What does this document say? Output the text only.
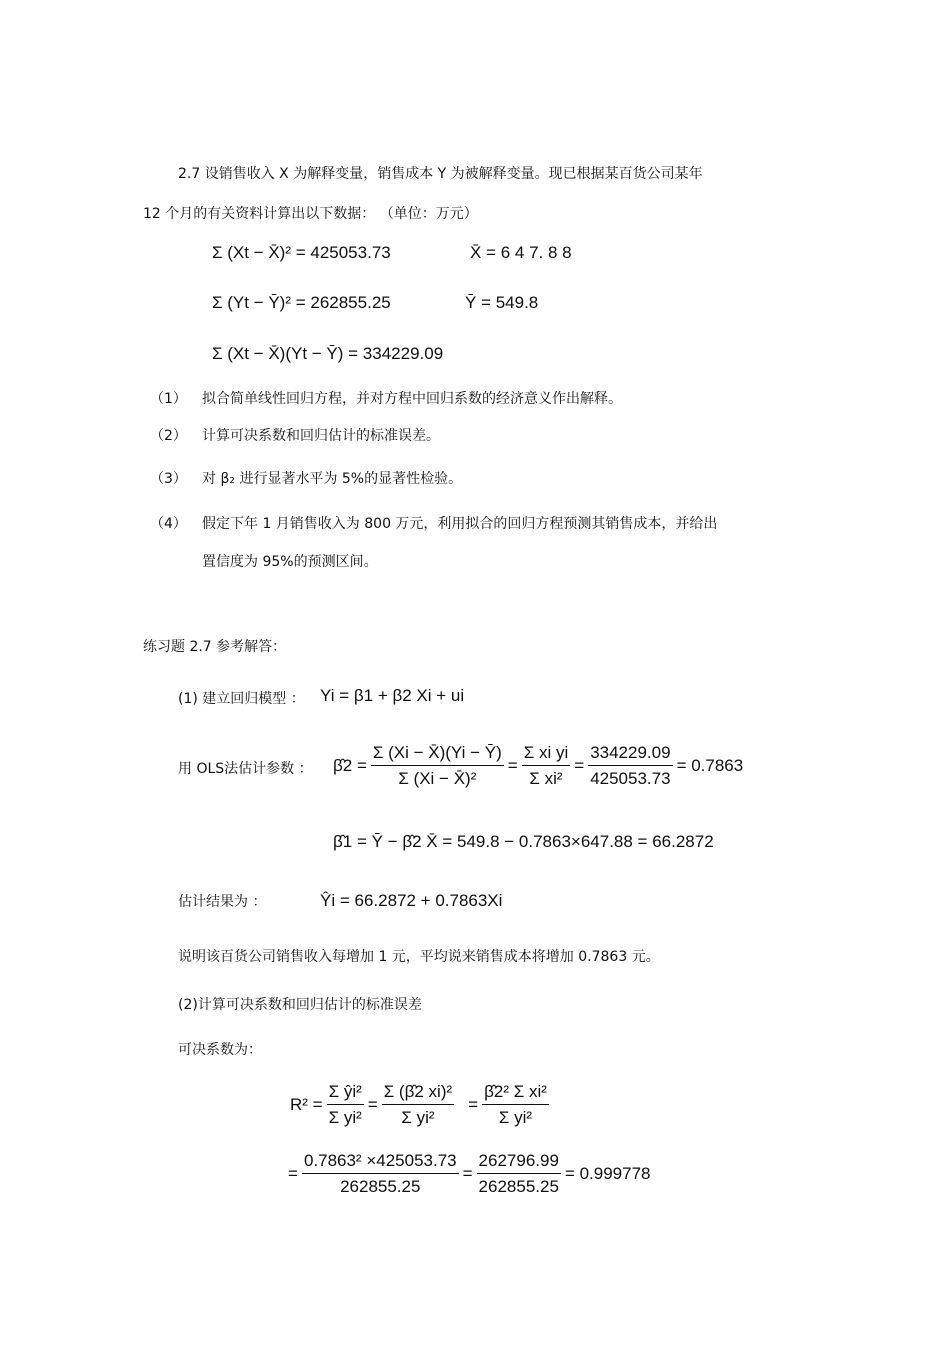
2.7 设销售收入 X 为解释变量，销售成本 Y 为被解释变量。现已根据某百货公司某年
12 个月的有关资料计算出以下数据： （单位：万元）
Σ (Xt − X̄)² = 425053.73	X̄ = 6 4 7. 8 8
Σ (Yt − Ȳ)² = 262855.25	Ȳ = 549.8
Σ (Xt − X̄)(Yt − Ȳ) = 334229.09
（1） 拟合简单线性回归方程，并对方程中回归系数的经济意义作出解释。
（2） 计算可决系数和回归估计的标准误差。
（3） 对 β₂ 进行显著水平为 5%的显著性检验。
（4） 假定下年 1 月销售收入为 800 万元，利用拟合的回归方程预测其销售成本，并给出
置信度为 95%的预测区间。
练习题 2.7 参考解答：
(1) 建立回归模型 ： Yi = β1 + β2 Xi + ui
用 OLS法估计参数 ： β̂2 = $\frac{\Sigma (Xi - X̄)(Yi - Ȳ)}{\text{Σ (Xi − X̄)²}} = \frac{\text{Σ xi yi}}{\text{Σ xi²}} = \frac{334229.09}{425053.73} = 0.7863$
β̂1 = Ȳ − β̂2 X̄ = 549.8 − 0.7863×647.88 = 66.2872
估计结果为 ：	Ŷi = 66.2872 + 0.7863Xi
说明该百货公司销售收入每增加 1 元，平均说来销售成本将增加 0.7863 元。
(2)计算可决系数和回归估计的标准误差
可决系数为：
$R^2 = \frac{\text{Σ ŷi²}}{\text{Σ yi²}} = \frac{\text{Σ (β̂2 xi)²}}{\text{Σ yi²}} = \frac{\text{β̂2² Σ xi²}}{\text{Σ yi²}}$
= $\frac{\text{0.7863² ×425053.73}}{262855.25} = \frac{262796.99}{262855.25} = 0.999778$
